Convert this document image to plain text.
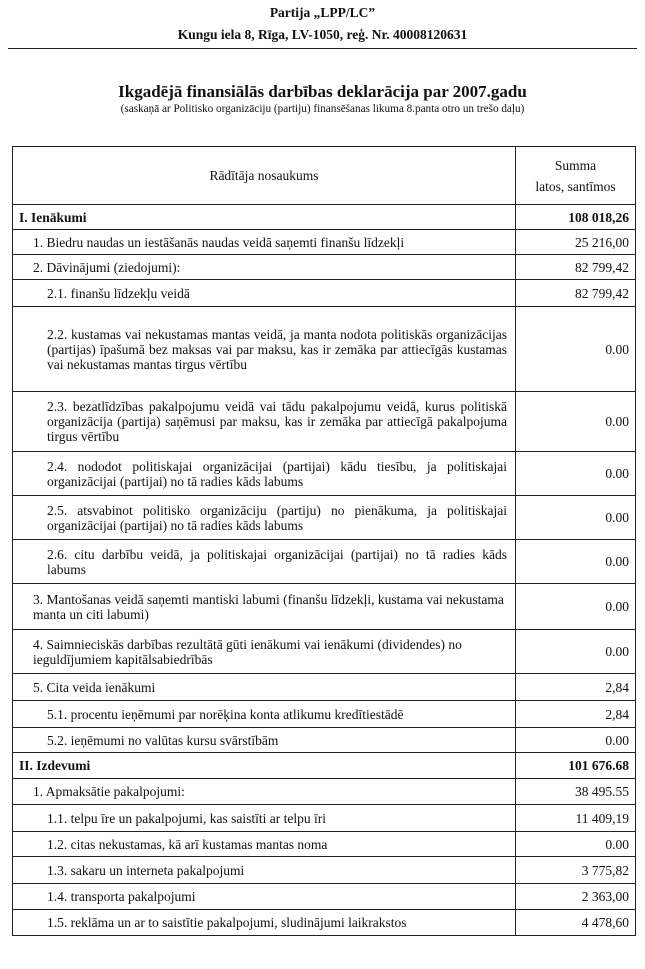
Partija „LPP/LC”
Kungu iela 8, Rīga, LV-1050, reģ. Nr. 40008120631
Ikgadējā finansiālās darbības deklarācija par 2007.gadu
(saskaņā ar Politisko organizāciju (partiju) finansēšanas likuma 8.panta otro un trešo daļu)
Rādītāja nosaukums	Summa
latos, santīmos

I. Ienākumi	108 018,26
1. Biedru naudas un iestāšanās naudas veidā saņemti finanšu līdzekļi	25 216,00
2. Dāvinājumi (ziedojumi):	82 799,42
2.1. finanšu līdzekļu veidā	82 799,42
2.2. kustamas vai nekustamas mantas veidā, ja manta nodota politiskās organizācijas (partijas) īpašumā bez maksas vai par maksu, kas ir zemāka par attiecīgās kustamas vai nekustamas mantas tirgus vērtību	0.00
2.3. bezatlīdzības pakalpojumu veidā vai tādu pakalpojumu veidā, kurus politiskā organizācija (partija) saņēmusi par maksu, kas ir zemāka par attiecīgā pakalpojuma tirgus vērtību	0.00
2.4. nododot politiskajai organizācijai (partijai) kādu tiesību, ja politiskajai organizācijai (partijai) no tā radies kāds labums	0.00
2.5. atsvabinot politisko organizāciju (partiju) no pienākuma, ja politiskajai organizācijai (partijai) no tā radies kāds labums	0.00
2.6. citu darbību veidā, ja politiskajai organizācijai (partijai) no tā radies kāds labums	0.00
3. Mantošanas veidā saņemti mantiski labumi (finanšu līdzekļi, kustama vai nekustama manta un citi labumi)	0.00
4. Saimnieciskās darbības rezultātā gūti ienākumi vai ienākumi (dividendes) no ieguldījumiem kapitālsabiedrībās	0.00
5. Cita veida ienākumi	2,84
5.1. procentu ieņēmumi par norēķina konta atlikumu kredītiestādē	2,84
5.2. ieņēmumi no valūtas kursu svārstībām	0.00
II. Izdevumi	101 676.68
1. Apmaksātie pakalpojumi:	38 495.55
1.1. telpu īre un pakalpojumi, kas saistīti ar telpu īri	11 409,19
1.2. citas nekustamas, kā arī kustamas mantas noma	0.00
1.3. sakaru un interneta pakalpojumi	3 775,82
1.4. transporta pakalpojumi	2 363,00
1.5. reklāma un ar to saistītie pakalpojumi, sludinājumi laikrakstos	4 478,60
